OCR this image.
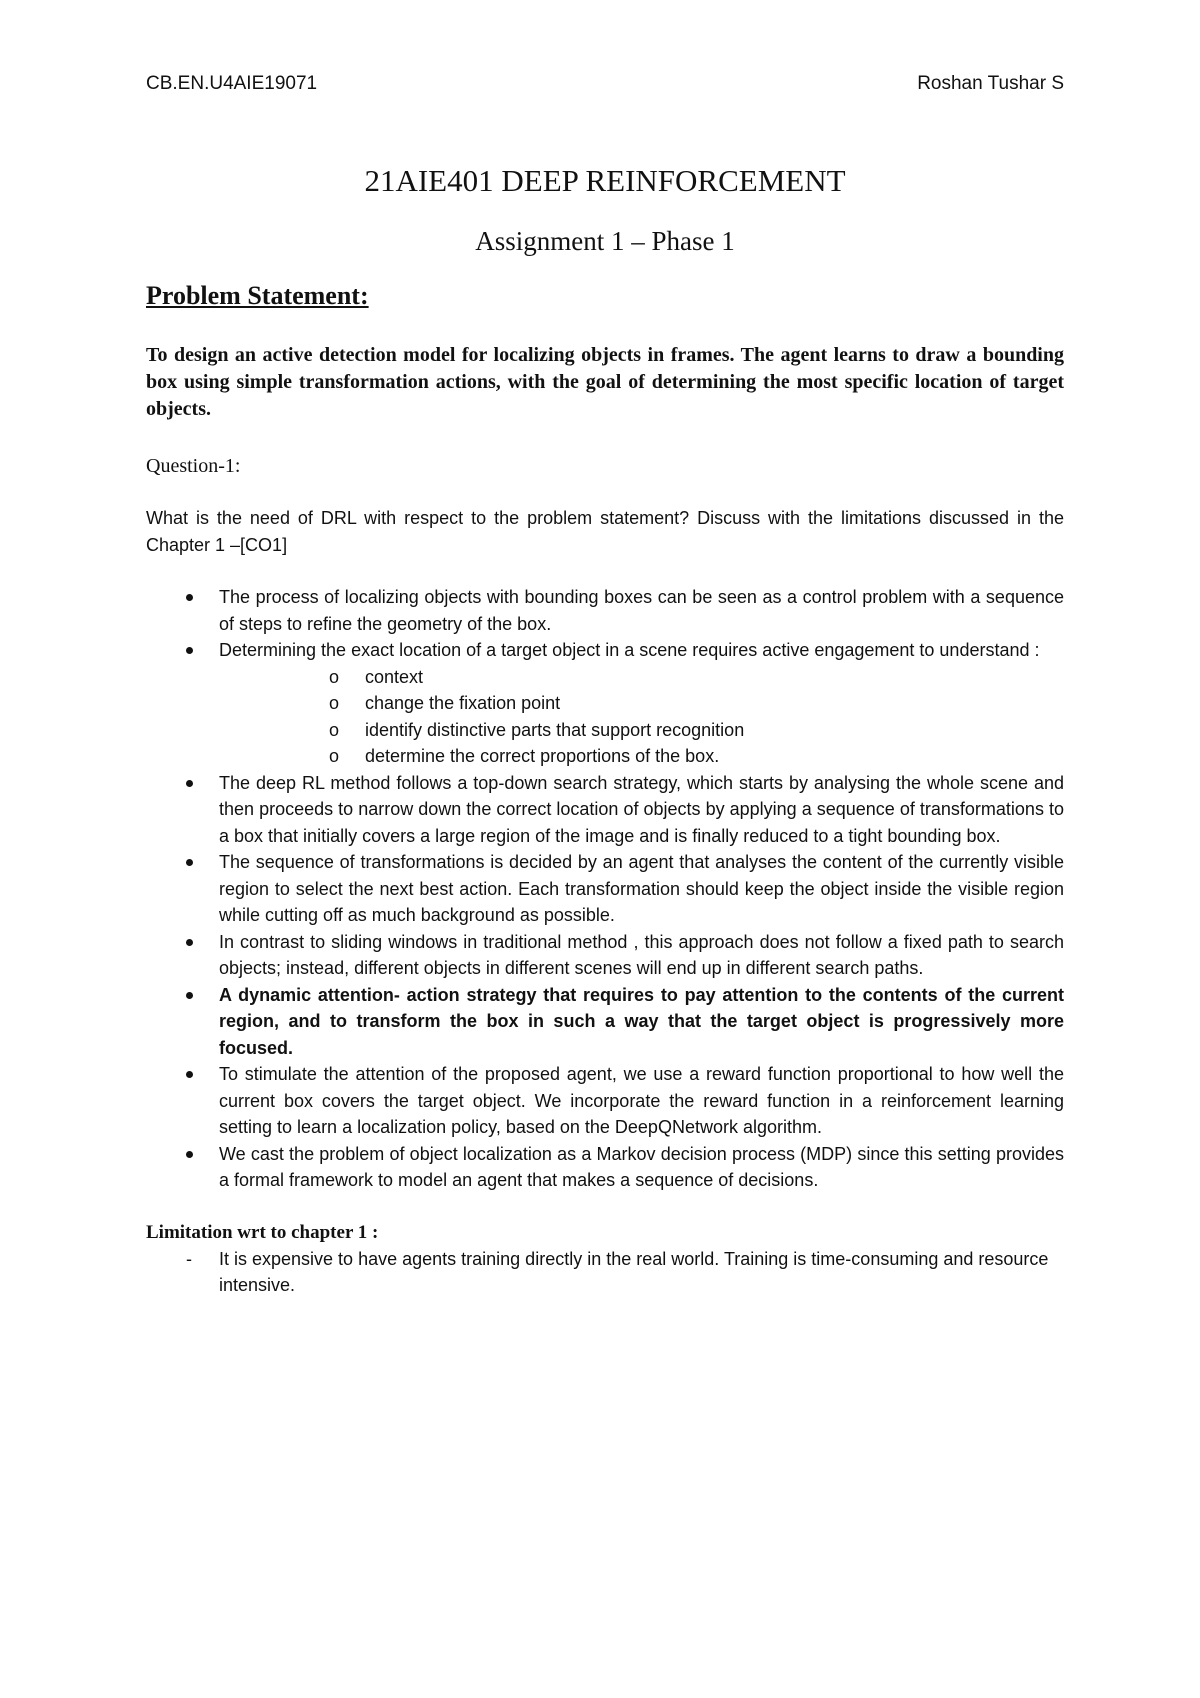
CB.EN.U4AIE19071	Roshan Tushar S
21AIE401 DEEP REINFORCEMENT
Assignment 1 – Phase 1
Problem Statement:
To design an active detection model for localizing objects in frames. The agent learns to draw a bounding box using simple transformation actions, with the goal of determining the most specific location of target objects.
Question-1:
What is the need of DRL with respect to the problem statement? Discuss with the limitations discussed in the Chapter 1 –[CO1]
The process of localizing objects with bounding boxes can be seen as a control problem with a sequence of steps to refine the geometry of the box.
Determining the exact location of a target object in a scene requires active engagement to understand :
o context
o change the fixation point
o identify distinctive parts that support recognition
o determine the correct proportions of the box.
The deep RL method follows a top-down search strategy, which starts by analysing the whole scene and then proceeds to narrow down the correct location of objects by applying a sequence of transformations to a box that initially covers a large region of the image and is finally reduced to a tight bounding box.
The sequence of transformations is decided by an agent that analyses the content of the currently visible region to select the next best action. Each transformation should keep the object inside the visible region while cutting off as much background as possible.
In contrast to sliding windows in traditional method , this approach does not follow a fixed path to search objects; instead, different objects in different scenes will end up in different search paths.
A dynamic attention- action strategy that requires to pay attention to the contents of the current region, and to transform the box in such a way that the target object is progressively more focused.
To stimulate the attention of the proposed agent, we use a reward function proportional to how well the current box covers the target object. We incorporate the reward function in a reinforcement learning setting to learn a localization policy, based on the DeepQNetwork algorithm.
We cast the problem of object localization as a Markov decision process (MDP) since this setting provides a formal framework to model an agent that makes a sequence of decisions.
Limitation wrt to chapter 1 :
- It is expensive to have agents training directly in the real world. Training is time-consuming and resource intensive.
